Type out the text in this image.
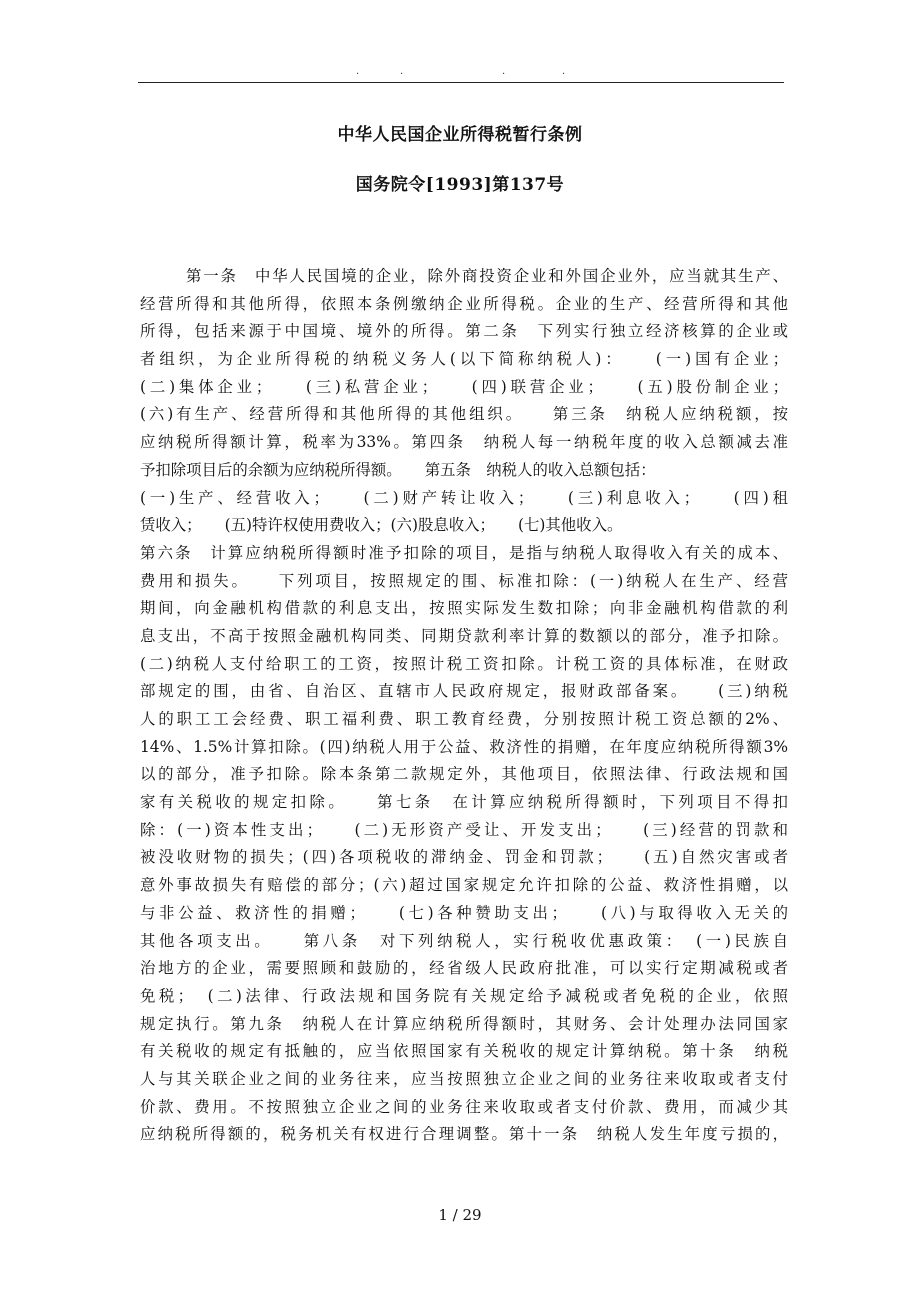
.	.	.	.
中华人民国企业所得税暂行条例
国务院令[1993]第137号
第一条　中华人民国境的企业，除外商投资企业和外国企业外，应当就其生产、
经营所得和其他所得，依照本条例缴纳企业所得税。企业的生产、经营所得和其他
所得，包括来源于中国境、境外的所得。第二条　下列实行独立经济核算的企业或
者组织，为企业所得税的纳税义务人(以下简称纳税人)：　　(一)国有企业；
(二)集体企业；　　(三)私营企业；　　(四)联营企业；　　(五)股份制企业；
(六)有生产、经营所得和其他所得的其他组织。　　第三条　纳税人应纳税额，按
应纳税所得额计算，税率为33%。第四条　纳税人每一纳税年度的收入总额减去准
予扣除项目后的余额为应纳税所得额。　　第五条　纳税人的收入总额包括：
(一)生产、经营收入；　　(二)财产转让收入；　　(三)利息收入；　　(四)租
赁收入；　　(五)特许权使用费收入；(六)股息收入；　　(七)其他收入。
第六条　计算应纳税所得额时准予扣除的项目，是指与纳税人取得收入有关的成本、
费用和损失。　　下列项目，按照规定的围、标准扣除：(一)纳税人在生产、经营
期间，向金融机构借款的利息支出，按照实际发生数扣除；向非金融机构借款的利
息支出，不高于按照金融机构同类、同期贷款利率计算的数额以的部分，准予扣除。
(二)纳税人支付给职工的工资，按照计税工资扣除。计税工资的具体标准，在财政
部规定的围，由省、自治区、直辖市人民政府规定，报财政部备案。　　(三)纳税
人的职工工会经费、职工福利费、职工教育经费，分别按照计税工资总额的2%、
14%、1.5%计算扣除。(四)纳税人用于公益、救济性的捐赠，在年度应纳税所得额3%
以的部分，准予扣除。除本条第二款规定外，其他项目，依照法律、行政法规和国
家有关税收的规定扣除。　　第七条　在计算应纳税所得额时，下列项目不得扣
除：(一)资本性支出；　　(二)无形资产受让、开发支出；　　(三)经营的罚款和
被没收财物的损失；(四)各项税收的滞纳金、罚金和罚款；　　(五)自然灾害或者
意外事故损失有赔偿的部分；(六)超过国家规定允许扣除的公益、救济性捐赠，以
与非公益、救济性的捐赠；　　(七)各种赞助支出；　　(八)与取得收入无关的
其他各项支出。　　第八条　对下列纳税人，实行税收优惠政策：　(一)民族自
治地方的企业，需要照顾和鼓励的，经省级人民政府批准，可以实行定期减税或者
免税；　(二)法律、行政法规和国务院有关规定给予减税或者免税的企业，依照
规定执行。第九条　纳税人在计算应纳税所得额时，其财务、会计处理办法同国家
有关税收的规定有抵触的，应当依照国家有关税收的规定计算纳税。第十条　纳税
人与其关联企业之间的业务往来，应当按照独立企业之间的业务往来收取或者支付
价款、费用。不按照独立企业之间的业务往来收取或者支付价款、费用，而减少其
应纳税所得额的，税务机关有权进行合理调整。第十一条　纳税人发生年度亏损的，
1 / 29
